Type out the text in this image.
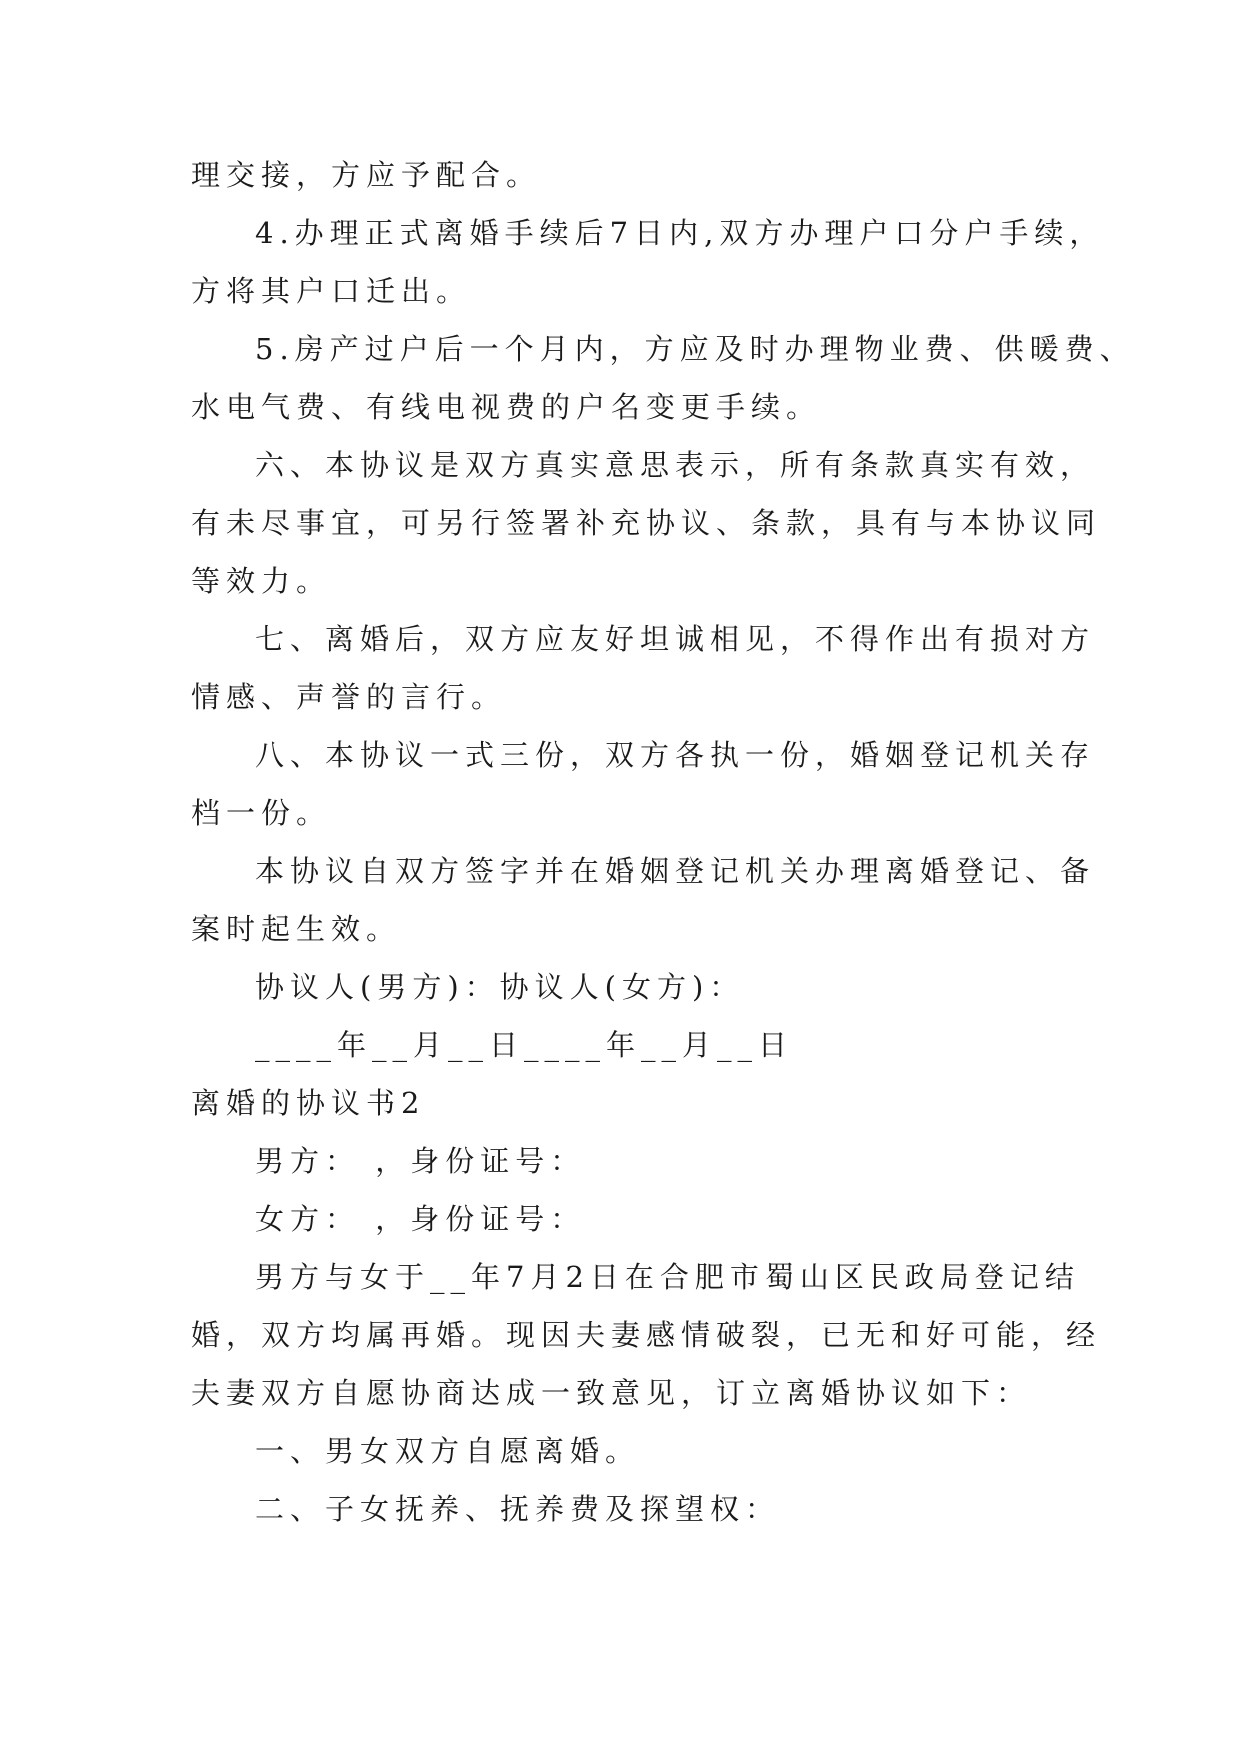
理交接，方应予配合。
4.办理正式离婚手续后7日内,双方办理户口分户手续，
方将其户口迁出。
5.房产过户后一个月内，方应及时办理物业费、供暖费、
水电气费、有线电视费的户名变更手续。
六、本协议是双方真实意思表示，所有条款真实有效，
有未尽事宜，可另行签署补充协议、条款，具有与本协议同
等效力。
七、离婚后，双方应友好坦诚相见，不得作出有损对方
情感、声誉的言行。
八、本协议一式三份，双方各执一份，婚姻登记机关存
档一份。
本协议自双方签字并在婚姻登记机关办理离婚登记、备
案时起生效。
协议人(男方)：协议人(女方)：
____年__月__日____年__月__日
离婚的协议书2
男方： ，身份证号：
女方： ，身份证号：
男方与女于__年7月2日在合肥市蜀山区民政局登记结
婚，双方均属再婚。现因夫妻感情破裂，已无和好可能，经
夫妻双方自愿协商达成一致意见，订立离婚协议如下：
一、男女双方自愿离婚。
二、子女抚养、抚养费及探望权：
